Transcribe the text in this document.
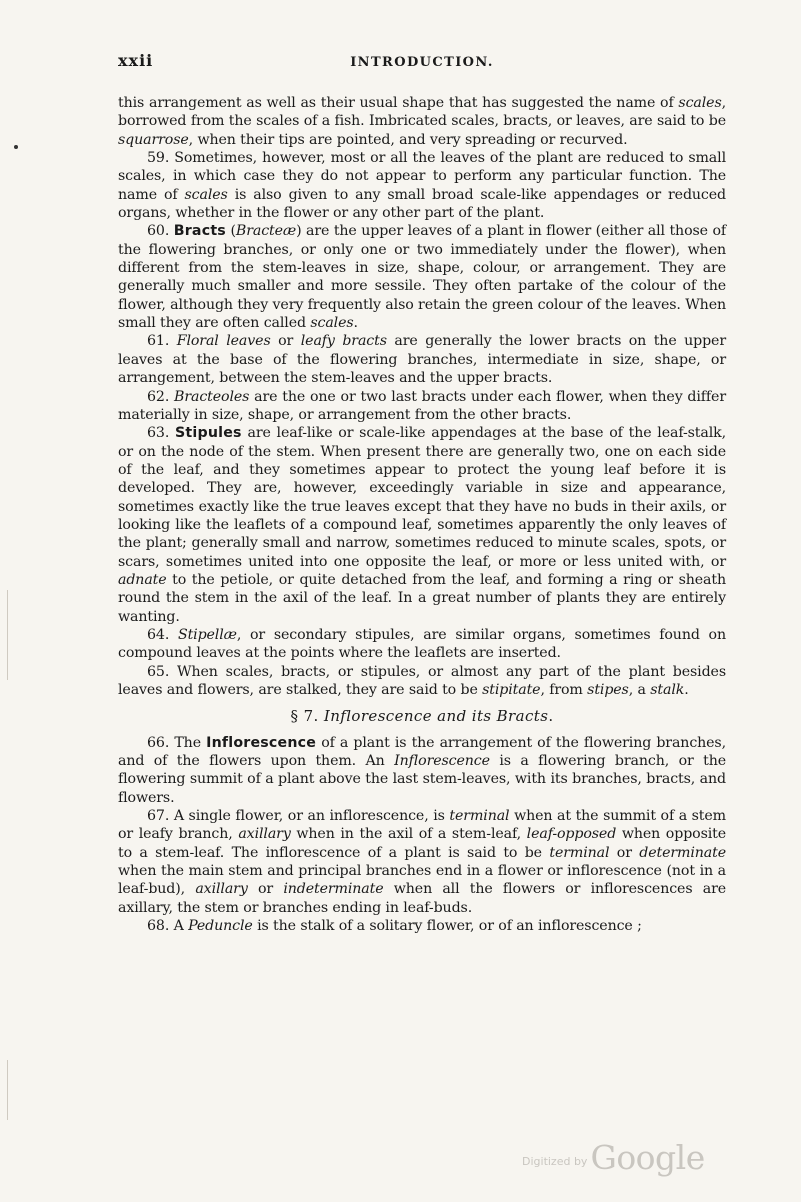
xxii	INTRODUCTION.

this arrangement as well as their usual shape that has suggested the name of scales, borrowed from the scales of a fish. Imbricated scales, bracts, or leaves, are said to be squarrose, when their tips are pointed, and very spreading or recurved.

59. Sometimes, however, most or all the leaves of the plant are reduced to small scales, in which case they do not appear to perform any particular function. The name of scales is also given to any small broad scale-like appendages or reduced organs, whether in the flower or any other part of the plant.

60. Bracts (Bracteæ) are the upper leaves of a plant in flower (either all those of the flowering branches, or only one or two immediately under the flower), when different from the stem-leaves in size, shape, colour, or arrangement. They are generally much smaller and more sessile. They often partake of the colour of the flower, although they very frequently also retain the green colour of the leaves. When small they are often called scales.

61. Floral leaves or leafy bracts are generally the lower bracts on the upper leaves at the base of the flowering branches, intermediate in size, shape, or arrangement, between the stem-leaves and the upper bracts.

62. Bracteoles are the one or two last bracts under each flower, when they differ materially in size, shape, or arrangement from the other bracts.

63. Stipules are leaf-like or scale-like appendages at the base of the leaf-stalk, or on the node of the stem. When present there are generally two, one on each side of the leaf, and they sometimes appear to protect the young leaf before it is developed. They are, however, exceedingly variable in size and appearance, sometimes exactly like the true leaves except that they have no buds in their axils, or looking like the leaflets of a compound leaf, sometimes apparently the only leaves of the plant; generally small and narrow, sometimes reduced to minute scales, spots, or scars, sometimes united into one opposite the leaf, or more or less united with, or adnate to the petiole, or quite detached from the leaf, and forming a ring or sheath round the stem in the axil of the leaf. In a great number of plants they are entirely wanting.

64. Stipellæ, or secondary stipules, are similar organs, sometimes found on compound leaves at the points where the leaflets are inserted.

65. When scales, bracts, or stipules, or almost any part of the plant besides leaves and flowers, are stalked, they are said to be stipitate, from stipes, a stalk.

§ 7. Inflorescence and its Bracts.

66. The Inflorescence of a plant is the arrangement of the flowering branches, and of the flowers upon them. An Inflorescence is a flowering branch, or the flowering summit of a plant above the last stem-leaves, with its branches, bracts, and flowers.

67. A single flower, or an inflorescence, is terminal when at the summit of a stem or leafy branch, axillary when in the axil of a stem-leaf, leaf-opposed when opposite to a stem-leaf. The inflorescence of a plant is said to be terminal or determinate when the main stem and principal branches end in a flower or inflorescence (not in a leaf-bud), axillary or indeterminate when all the flowers or inflorescences are axillary, the stem or branches ending in leaf-buds.

68. A Peduncle is the stalk of a solitary flower, or of an inflorescence ;

$^{Digitized by}$Google
